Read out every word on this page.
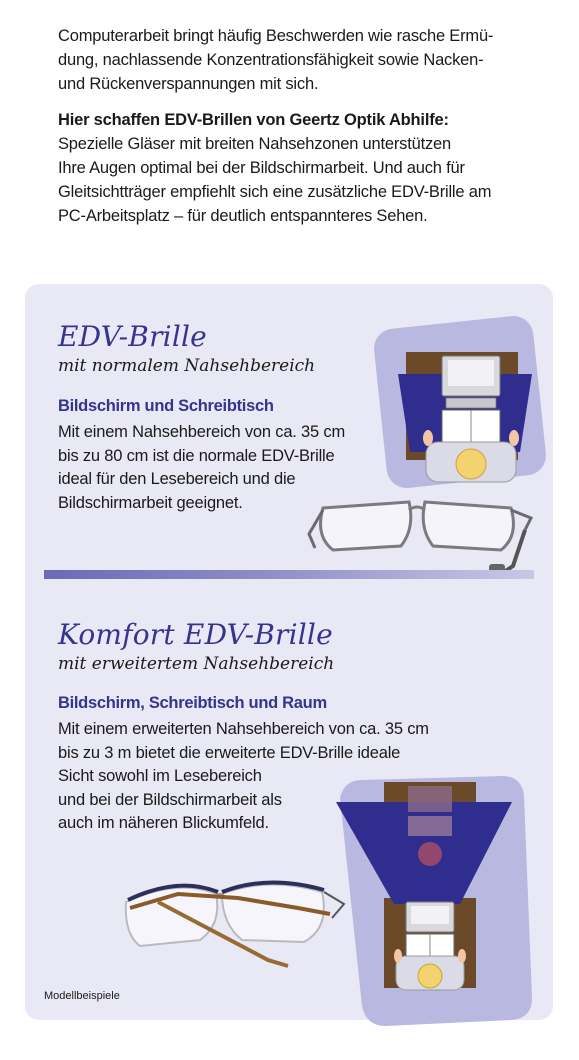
Computerarbeit bringt häufig Beschwerden wie rasche Ermü-
dung, nachlassende Konzentrationsfähigkeit sowie Nacken-
und Rückenverspannungen mit sich.

Hier schaffen EDV-Brillen von Geertz Optik Abhilfe:
Spezielle Gläser mit breiten Nahsehzonen unterstützen
Ihre Augen optimal bei der Bildschirmarbeit. Und auch für
Gleitsichtträger empfiehlt sich eine zusätzliche EDV-Brille am
PC-Arbeitsplatz – für deutlich entspannteres Sehen.

EDV-Brille
mit normalem Nahsehbereich
Bildschirm und Schreibtisch
Mit einem Nahsehbereich von ca. 35 cm
bis zu 80 cm ist die normale EDV-Brille
ideal für den Lesebereich und die
Bildschirmarbeit geeignet.
Komfort EDV-Brille
mit erweitertem Nahsehbereich
Bildschirm, Schreibtisch und Raum
Mit einem erweiterten Nahsehbereich von ca. 35 cm
bis zu 3 m bietet die erweiterte EDV-Brille ideale
Sicht sowohl im Lesebereich
und bei der Bildschirmarbeit als
auch im näheren Blickumfeld.
Modellbeispiele
